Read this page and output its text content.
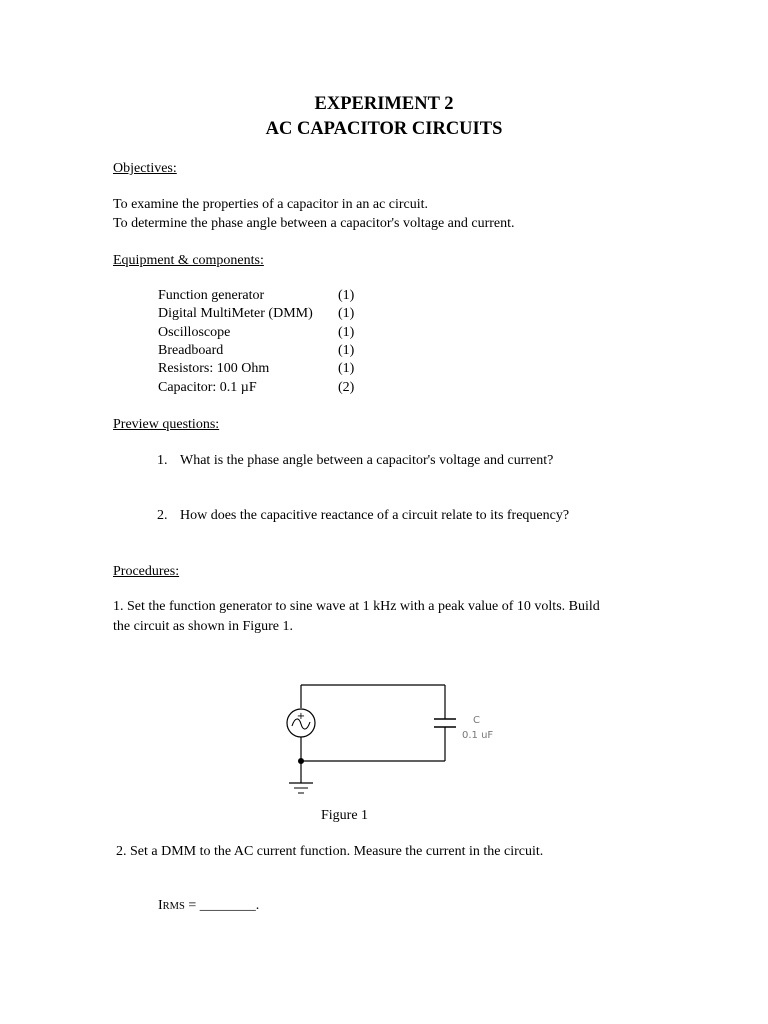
EXPERIMENT 2
AC CAPACITOR CIRCUITS
Objectives:
To examine the properties of a capacitor in an ac circuit.
To determine the phase angle between a capacitor's voltage and current.
Equipment & components:
Function generator	(1)
Digital MultiMeter (DMM) (1)
Oscilloscope	(1)
Breadboard	(1)
Resistors: 100 Ohm	(1)
Capacitor: 0.1 µF	(2)
Preview questions:
1. What is the phase angle between a capacitor's voltage and current?
2. How does the capacitive reactance of a circuit relate to its frequency?
Procedures:
1. Set the function generator to sine wave at 1 kHz with a peak value of 10 volts. Build
the circuit as shown in Figure 1.
+	C
0.1 uF
Figure 1
2. Set a DMM to the AC current function. Measure the current in the circuit.
IRMS = ________.
